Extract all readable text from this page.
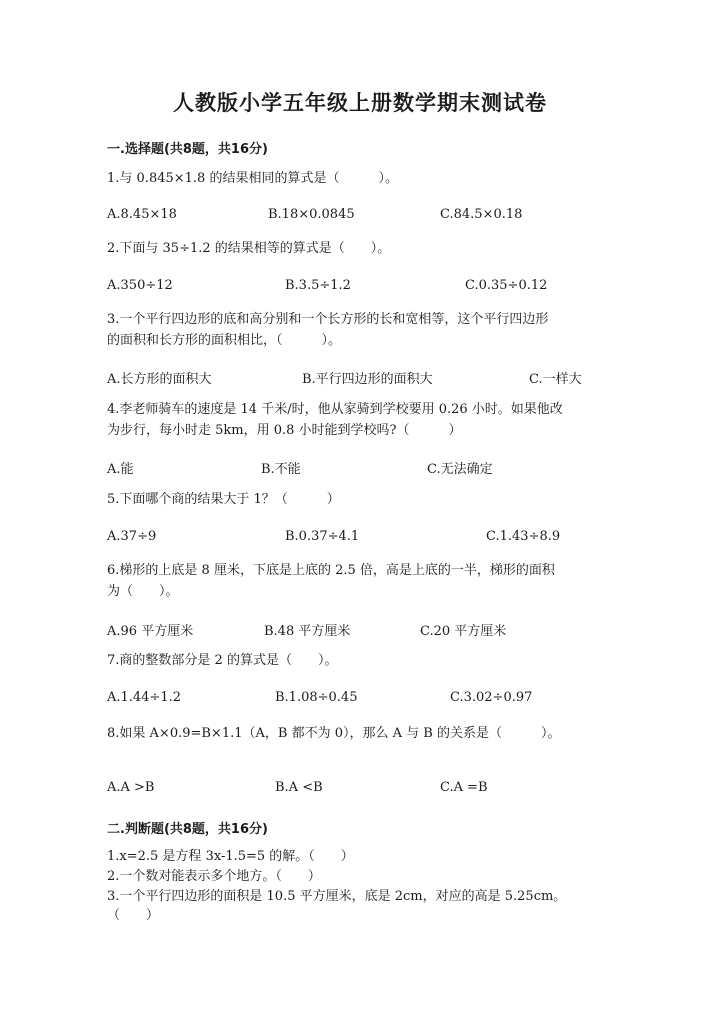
人教版小学五年级上册数学期末测试卷
一.选择题(共8题，共16分)
1.与 0.845×1.8 的结果相同的算式是（　　　）。
A.8.45×18	B.18×0.0845	C.84.5×0.18
2.下面与 35÷1.2 的结果相等的算式是（　　）。
A.350÷12	B.3.5÷1.2	C.0.35÷0.12
3.一个平行四边形的底和高分别和一个长方形的长和宽相等，这个平行四边形
的面积和长方形的面积相比，（　　　）。
A.长方形的面积大	B.平行四边形的面积大	C.一样大
4.李老师骑车的速度是 14 千米/时，他从家骑到学校要用 0.26 小时。如果他改
为步行，每小时走 5km，用 0.8 小时能到学校吗?（　　　）
A.能	B.不能	C.无法确定
5.下面哪个商的结果大于 1？（　　　）
A.37÷9	B.0.37÷4.1	C.1.43÷8.9
6.梯形的上底是 8 厘米，下底是上底的 2.5 倍，高是上底的一半，梯形的面积
为（　　）。
A.96 平方厘米	B.48 平方厘米	C.20 平方厘米
7.商的整数部分是 2 的算式是（　　）。
A.1.44÷1.2	B.1.08÷0.45	C.3.02÷0.97
8.如果 A×0.9=B×1.1（A，B 都不为 0），那么 A 与 B 的关系是（　　　）。
A.A >B	B.A <B	C.A =B
二.判断题(共8题，共16分)
1.x=2.5 是方程 3x-1.5=5 的解。（　　）
2.一个数对能表示多个地方。（　　）
3.一个平行四边形的面积是 10.5 平方厘米，底是 2cm，对应的高是 5.25cm。
（　　）
